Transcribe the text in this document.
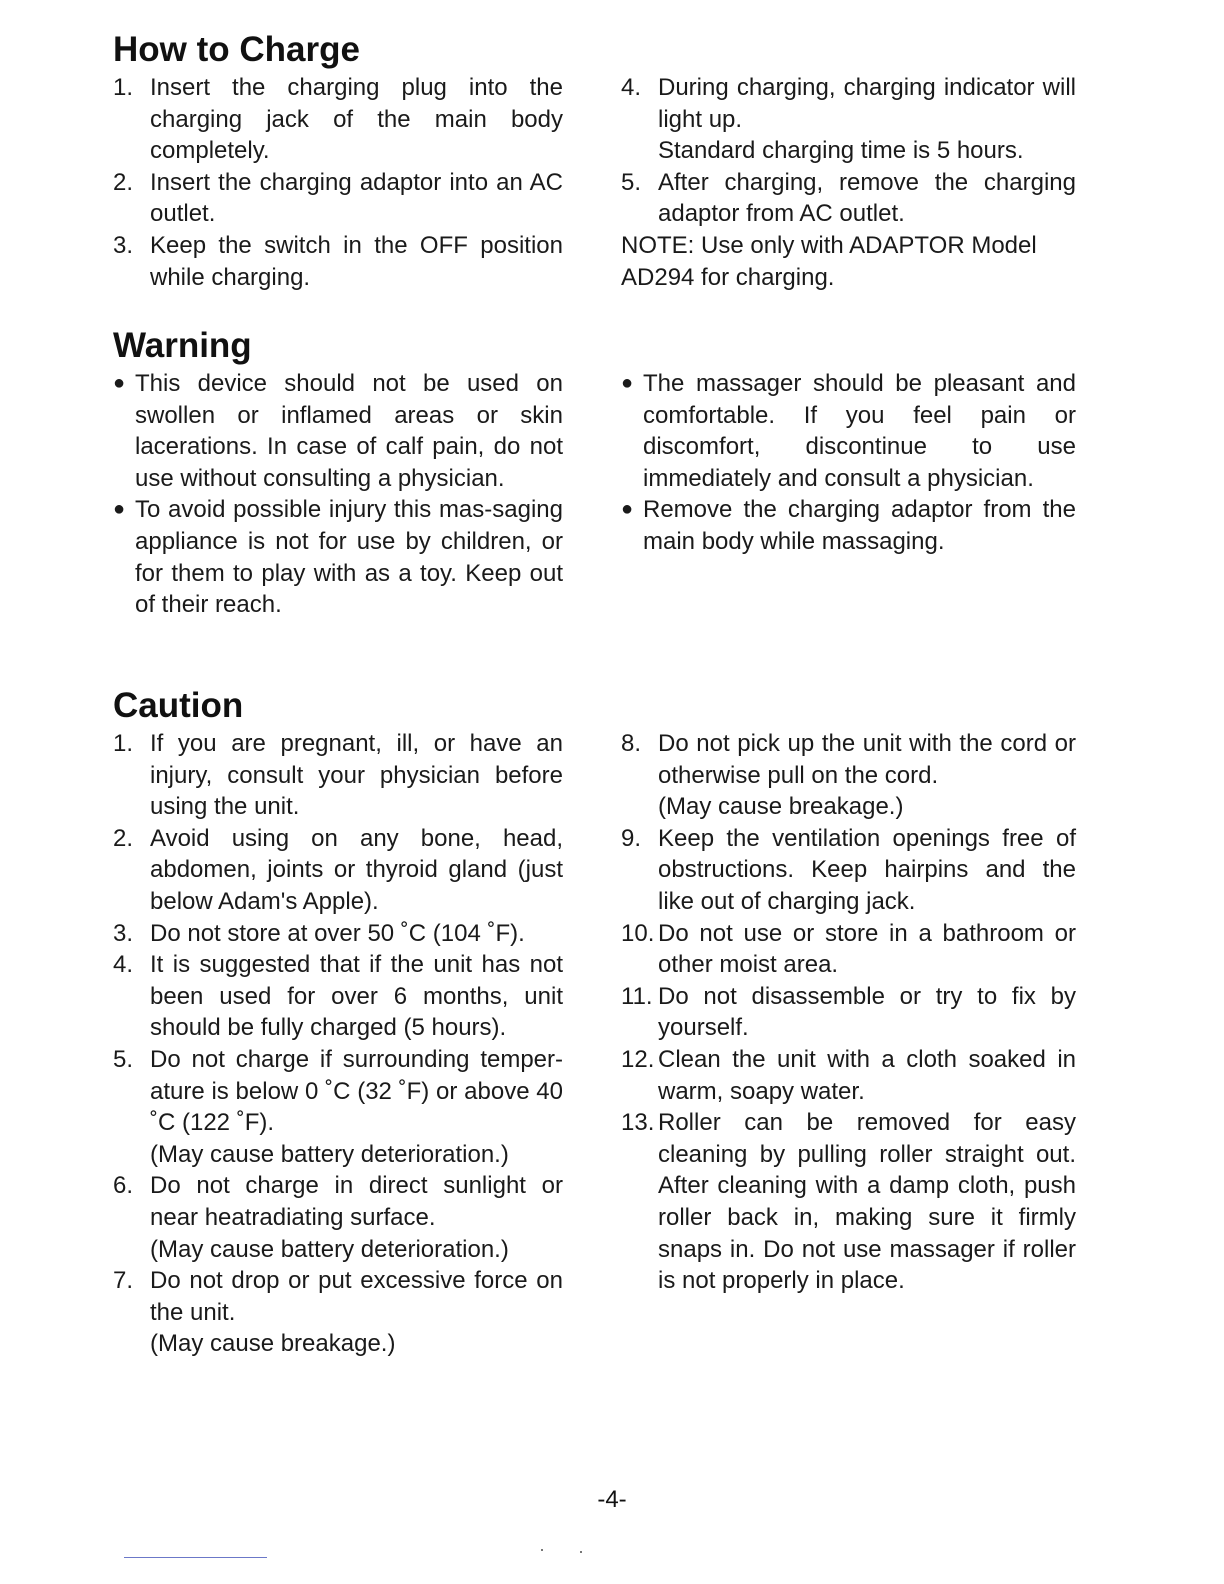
How to Charge
1. Insert the charging plug into the charging jack of the main body completely.
2. Insert the charging adaptor into an AC outlet.
3. Keep the switch in the OFF position while charging.
4. During charging, charging indicator will light up.
Standard charging time is 5 hours.
5. After charging, remove the charging adaptor from AC outlet.
NOTE: Use only with ADAPTOR Model AD294 for charging.
Warning
● This device should not be used on swollen or inflamed areas or skin lacerations. In case of calf pain, do not use without consulting a physician.
● To avoid possible injury this mas-saging appliance is not for use by children, or for them to play with as a toy. Keep out of their reach.
● The massager should be pleasant and comfortable. If you feel pain or discomfort, discontinue to use immediately and consult a physician.
● Remove the charging adaptor from the main body while massaging.
Caution
1. If you are pregnant, ill, or have an injury, consult your physician before using the unit.
2. Avoid using on any bone, head, abdomen, joints or thyroid gland (just below Adam's Apple).
3. Do not store at over 50 ˚C (104 ˚F).
4. It is suggested that if the unit has not been used for over 6 months, unit should be fully charged (5 hours).
5. Do not charge if surrounding temper-ature is below 0 ˚C (32 ˚F) or above 40 ˚C (122 ˚F).
(May cause battery deterioration.)
6. Do not charge in direct sunlight or near heatradiating surface.
(May cause battery deterioration.)
7. Do not drop or put excessive force on the unit.
(May cause breakage.)
8. Do not pick up the unit with the cord or otherwise pull on the cord.
(May cause breakage.)
9. Keep the ventilation openings free of obstructions. Keep hairpins and the like out of charging jack.
10. Do not use or store in a bathroom or other moist area.
11. Do not disassemble or try to fix by yourself.
12. Clean the unit with a cloth soaked in warm, soapy water.
13. Roller can be removed for easy cleaning by pulling roller straight out. After cleaning with a damp cloth, push roller back in, making sure it firmly snaps in. Do not use massager if roller is not properly in place.
-4-
